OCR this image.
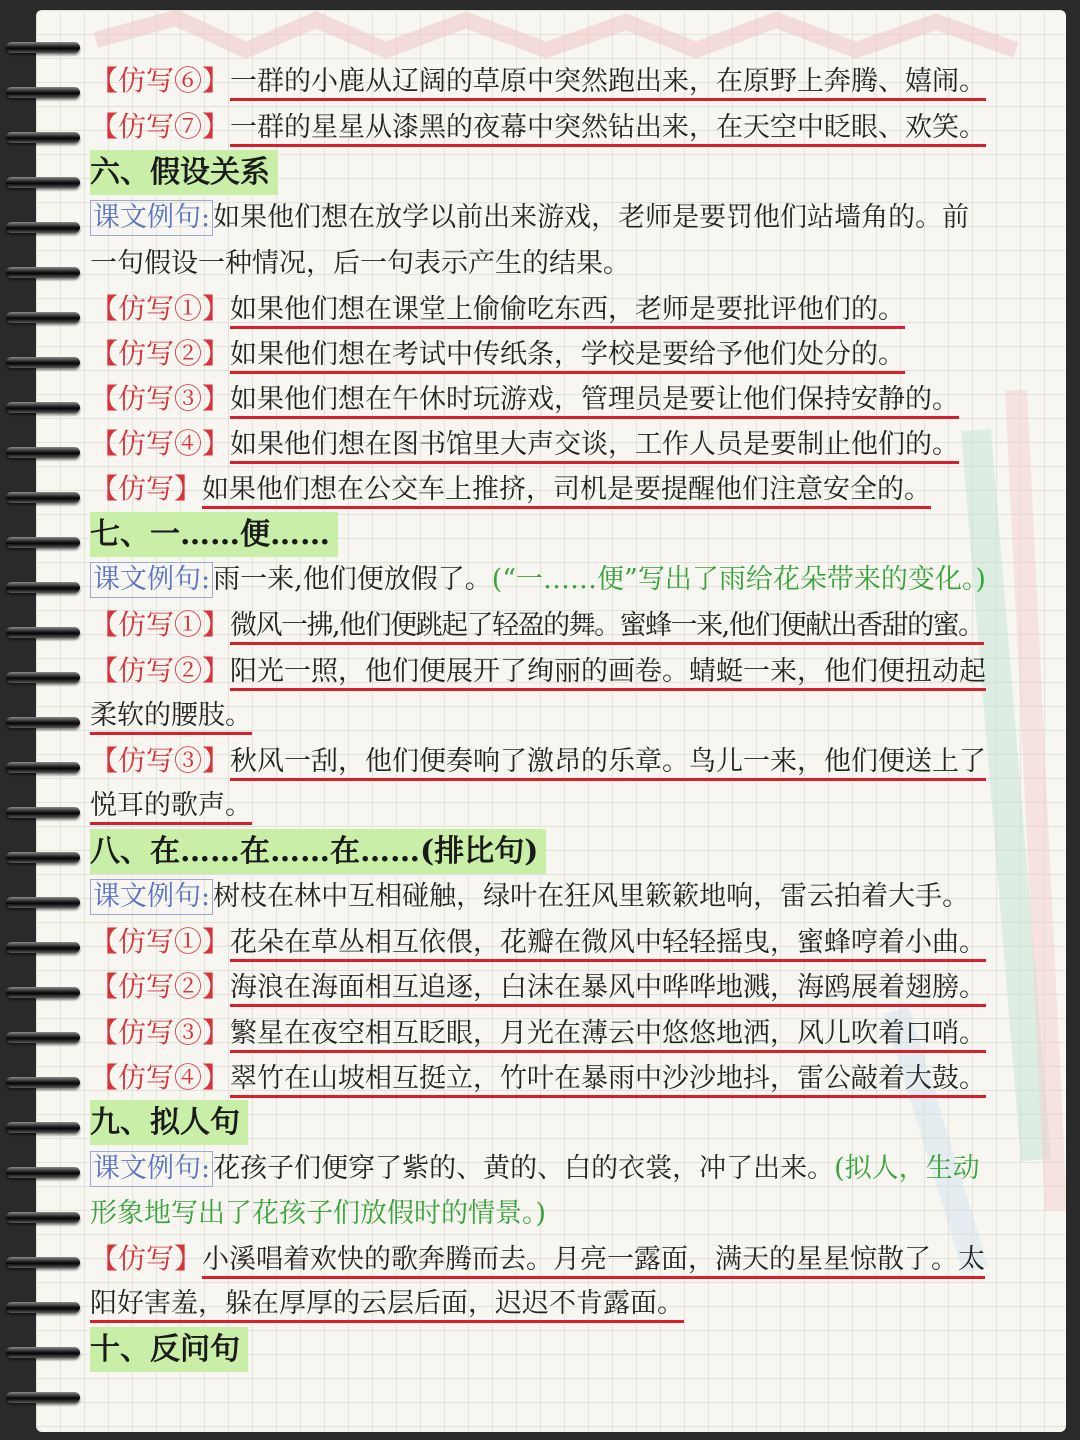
【仿写⑥】一群的小鹿从辽阔的草原中突然跑出来，在原野上奔腾、嬉闹。
【仿写⑦】一群的星星从漆黑的夜幕中突然钻出来，在天空中眨眼、欢笑。
六、假设关系
课文例句: 如果他们想在放学以前出来游戏，老师是要罚他们站墙角的。前
一句假设一种情况，后一句表示产生的结果。
【仿写①】如果他们想在课堂上偷偷吃东西，老师是要批评他们的。
【仿写②】如果他们想在考试中传纸条，学校是要给予他们处分的。
【仿写③】如果他们想在午休时玩游戏，管理员是要让他们保持安静的。
【仿写④】如果他们想在图书馆里大声交谈，工作人员是要制止他们的。
【仿写】如果他们想在公交车上推挤，司机是要提醒他们注意安全的。
七、一……便……
课文例句: 雨一来,他们便放假了。(“一……便”写出了雨给花朵带来的变化。)
【仿写①】微风一拂,他们便跳起了轻盈的舞。蜜蜂一来,他们便献出香甜的蜜。
【仿写②】阳光一照，他们便展开了绚丽的画卷。蜻蜓一来，他们便扭动起
柔软的腰肢。
【仿写③】秋风一刮，他们便奏响了激昂的乐章。鸟儿一来，他们便送上了
悦耳的歌声。
八、在……在……在……(排比句)
课文例句: 树枝在林中互相碰触，绿叶在狂风里簌簌地响，雷云拍着大手。
【仿写①】花朵在草丛相互依偎，花瓣在微风中轻轻摇曳，蜜蜂哼着小曲。
【仿写②】海浪在海面相互追逐，白沫在暴风中哗哗地溅，海鸥展着翅膀。
【仿写③】繁星在夜空相互眨眼，月光在薄云中悠悠地洒，风儿吹着口哨。
【仿写④】翠竹在山坡相互挺立，竹叶在暴雨中沙沙地抖，雷公敲着大鼓。
九、拟人句
课文例句: 花孩子们便穿了紫的、黄的、白的衣裳，冲了出来。(拟人，生动
形象地写出了花孩子们放假时的情景。)
【仿写】小溪唱着欢快的歌奔腾而去。月亮一露面，满天的星星惊散了。太
阳好害羞，躲在厚厚的云层后面，迟迟不肯露面。
十、反问句
